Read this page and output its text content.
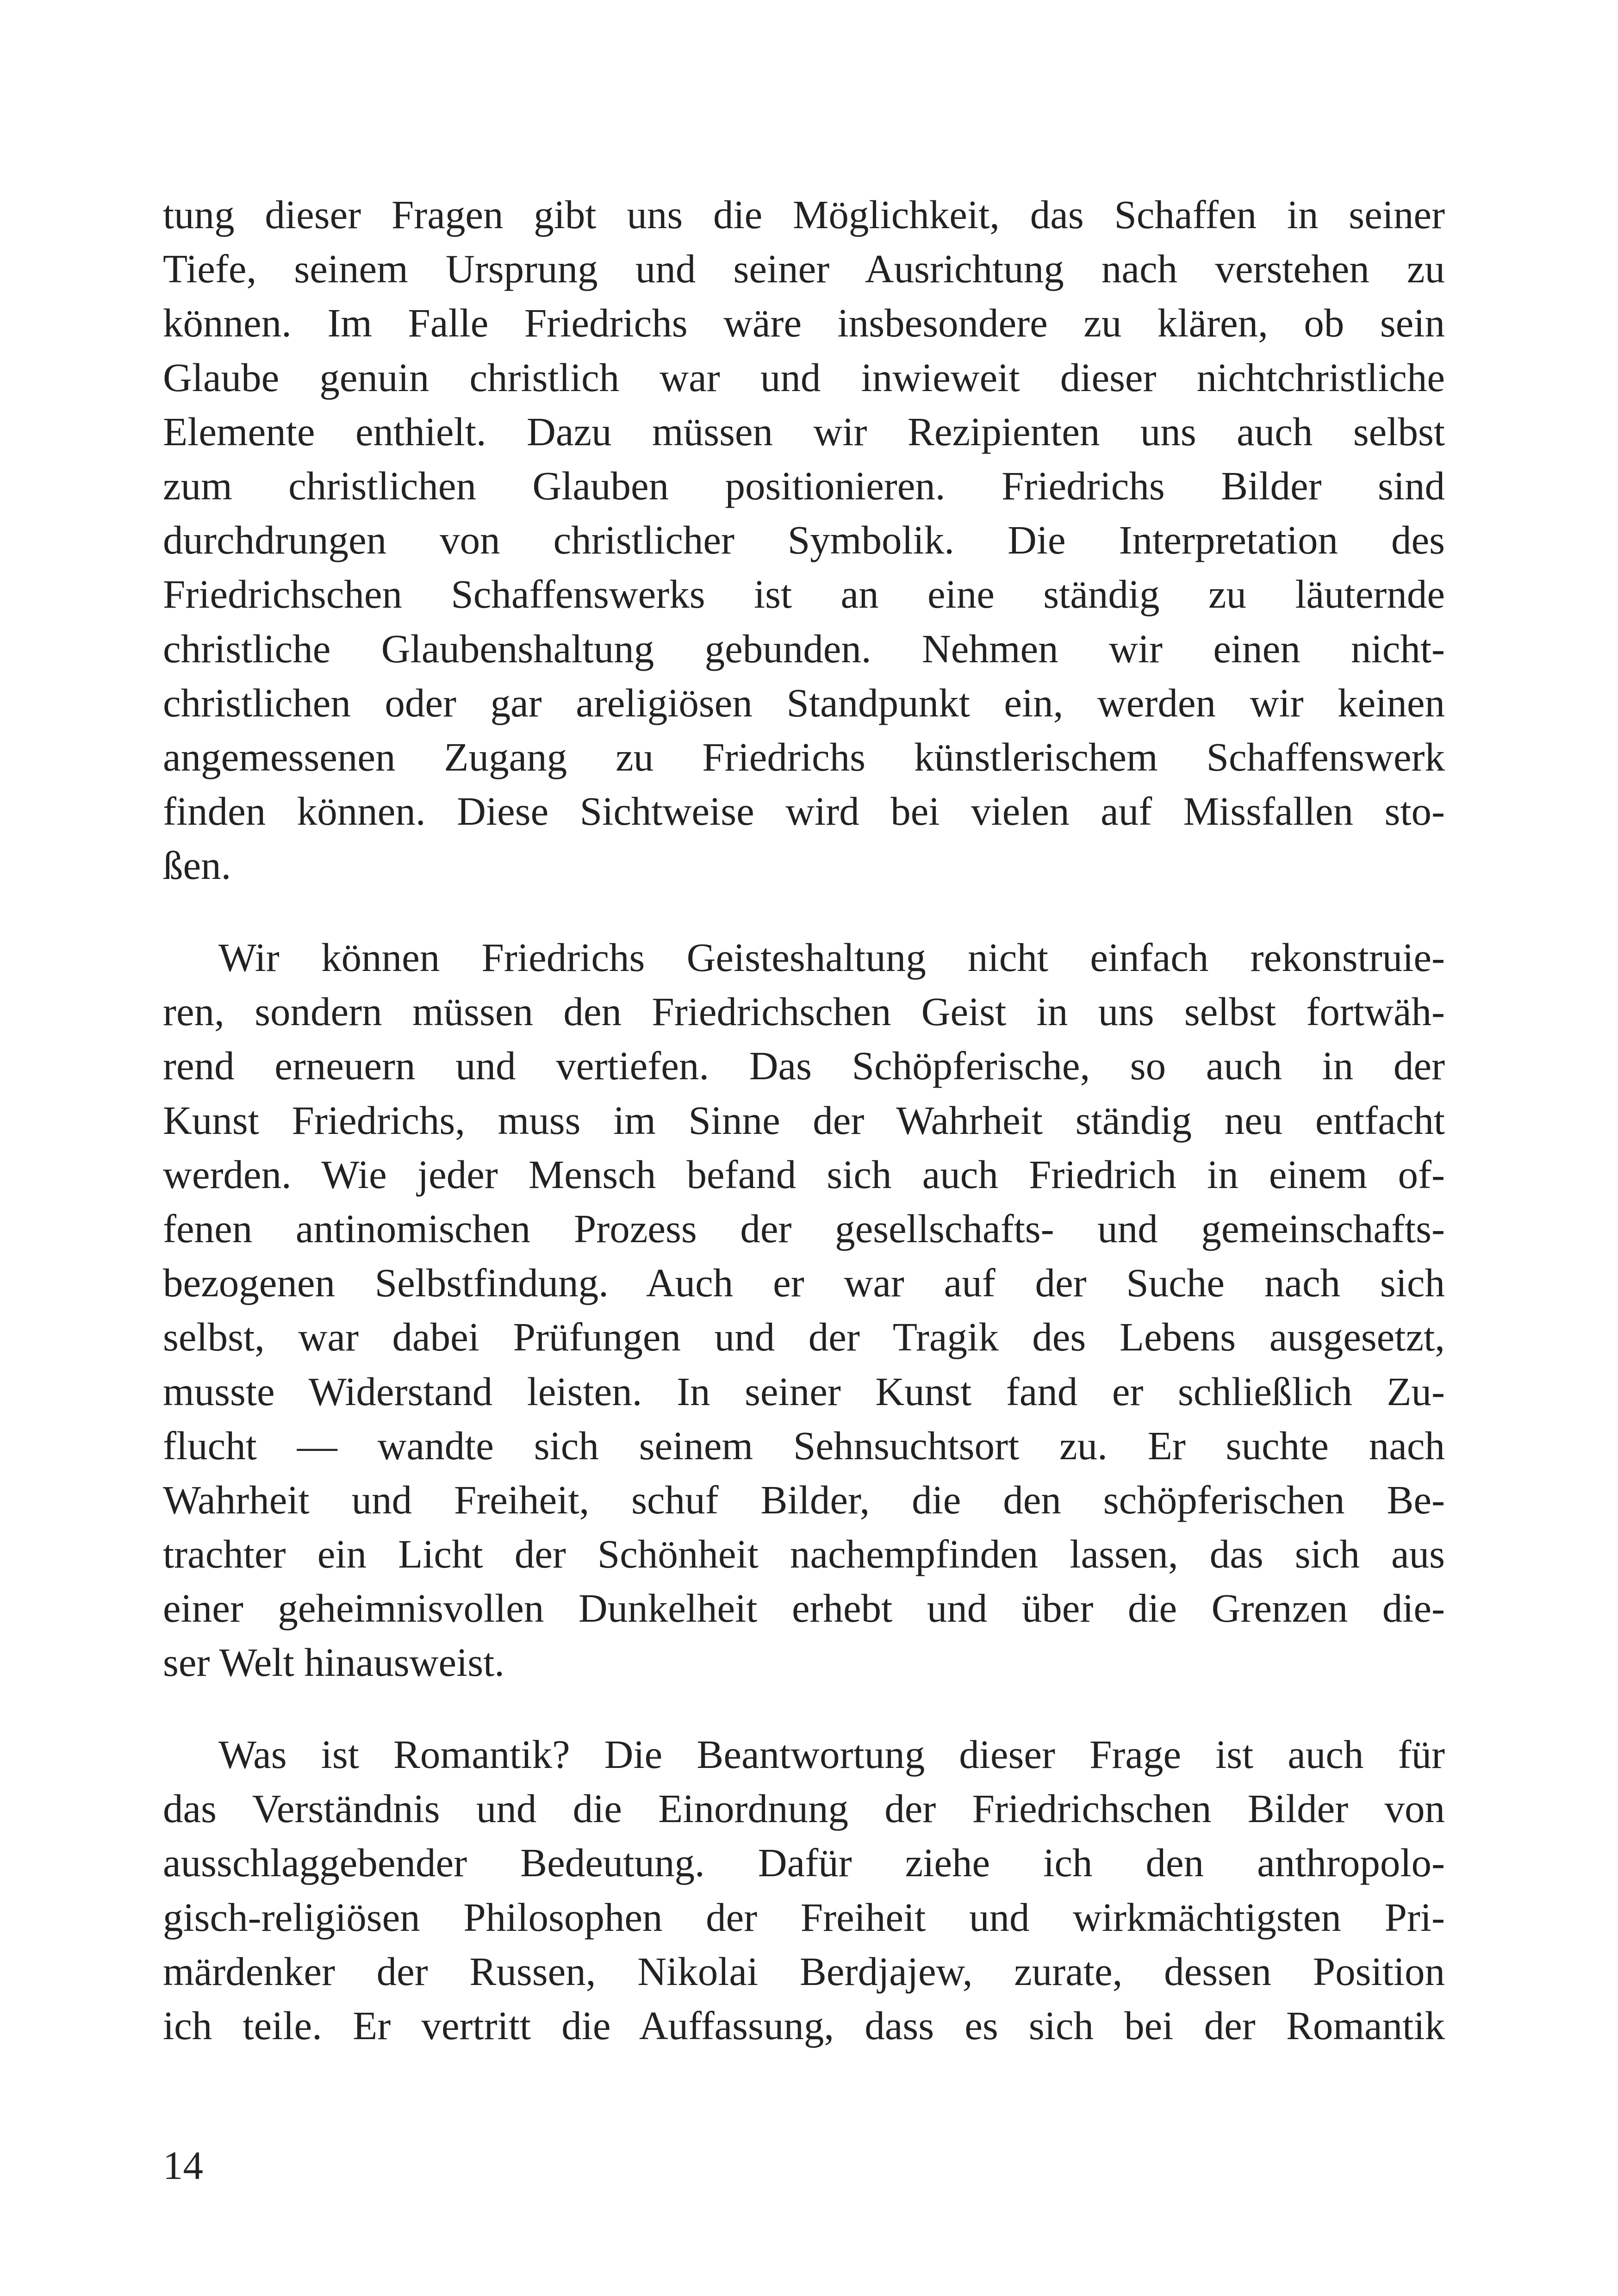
tung dieser Fragen gibt uns die Möglichkeit, das Schaffen in seiner
Tiefe, seinem Ursprung und seiner Ausrichtung nach verstehen zu
können. Im Falle Friedrichs wäre insbesondere zu klären, ob sein
Glaube genuin christlich war und inwieweit dieser nichtchristliche
Elemente enthielt. Dazu müssen wir Rezipienten uns auch selbst
zum christlichen Glauben positionieren. Friedrichs Bilder sind
durchdrungen von christlicher Symbolik. Die Interpretation des
Friedrichschen Schaffenswerks ist an eine ständig zu läuternde
christliche Glaubenshaltung gebunden. Nehmen wir einen nicht-
christlichen oder gar areligiösen Standpunkt ein, werden wir keinen
angemessenen Zugang zu Friedrichs künstlerischem Schaffenswerk
finden können. Diese Sichtweise wird bei vielen auf Missfallen sto-
ßen.
Wir können Friedrichs Geisteshaltung nicht einfach rekonstruie-
ren, sondern müssen den Friedrichschen Geist in uns selbst fortwäh-
rend erneuern und vertiefen. Das Schöpferische, so auch in der
Kunst Friedrichs, muss im Sinne der Wahrheit ständig neu entfacht
werden. Wie jeder Mensch befand sich auch Friedrich in einem of-
fenen antinomischen Prozess der gesellschafts- und gemeinschafts-
bezogenen Selbstfindung. Auch er war auf der Suche nach sich
selbst, war dabei Prüfungen und der Tragik des Lebens ausgesetzt,
musste Widerstand leisten. In seiner Kunst fand er schließlich Zu-
flucht — wandte sich seinem Sehnsuchtsort zu. Er suchte nach
Wahrheit und Freiheit, schuf Bilder, die den schöpferischen Be-
trachter ein Licht der Schönheit nachempfinden lassen, das sich aus
einer geheimnisvollen Dunkelheit erhebt und über die Grenzen die-
ser Welt hinausweist.
Was ist Romantik? Die Beantwortung dieser Frage ist auch für
das Verständnis und die Einordnung der Friedrichschen Bilder von
ausschlaggebender Bedeutung. Dafür ziehe ich den anthropolo-
gisch-religiösen Philosophen der Freiheit und wirkmächtigsten Pri-
märdenker der Russen, Nikolai Berdjajew, zurate, dessen Position
ich teile. Er vertritt die Auffassung, dass es sich bei der Romantik
14
